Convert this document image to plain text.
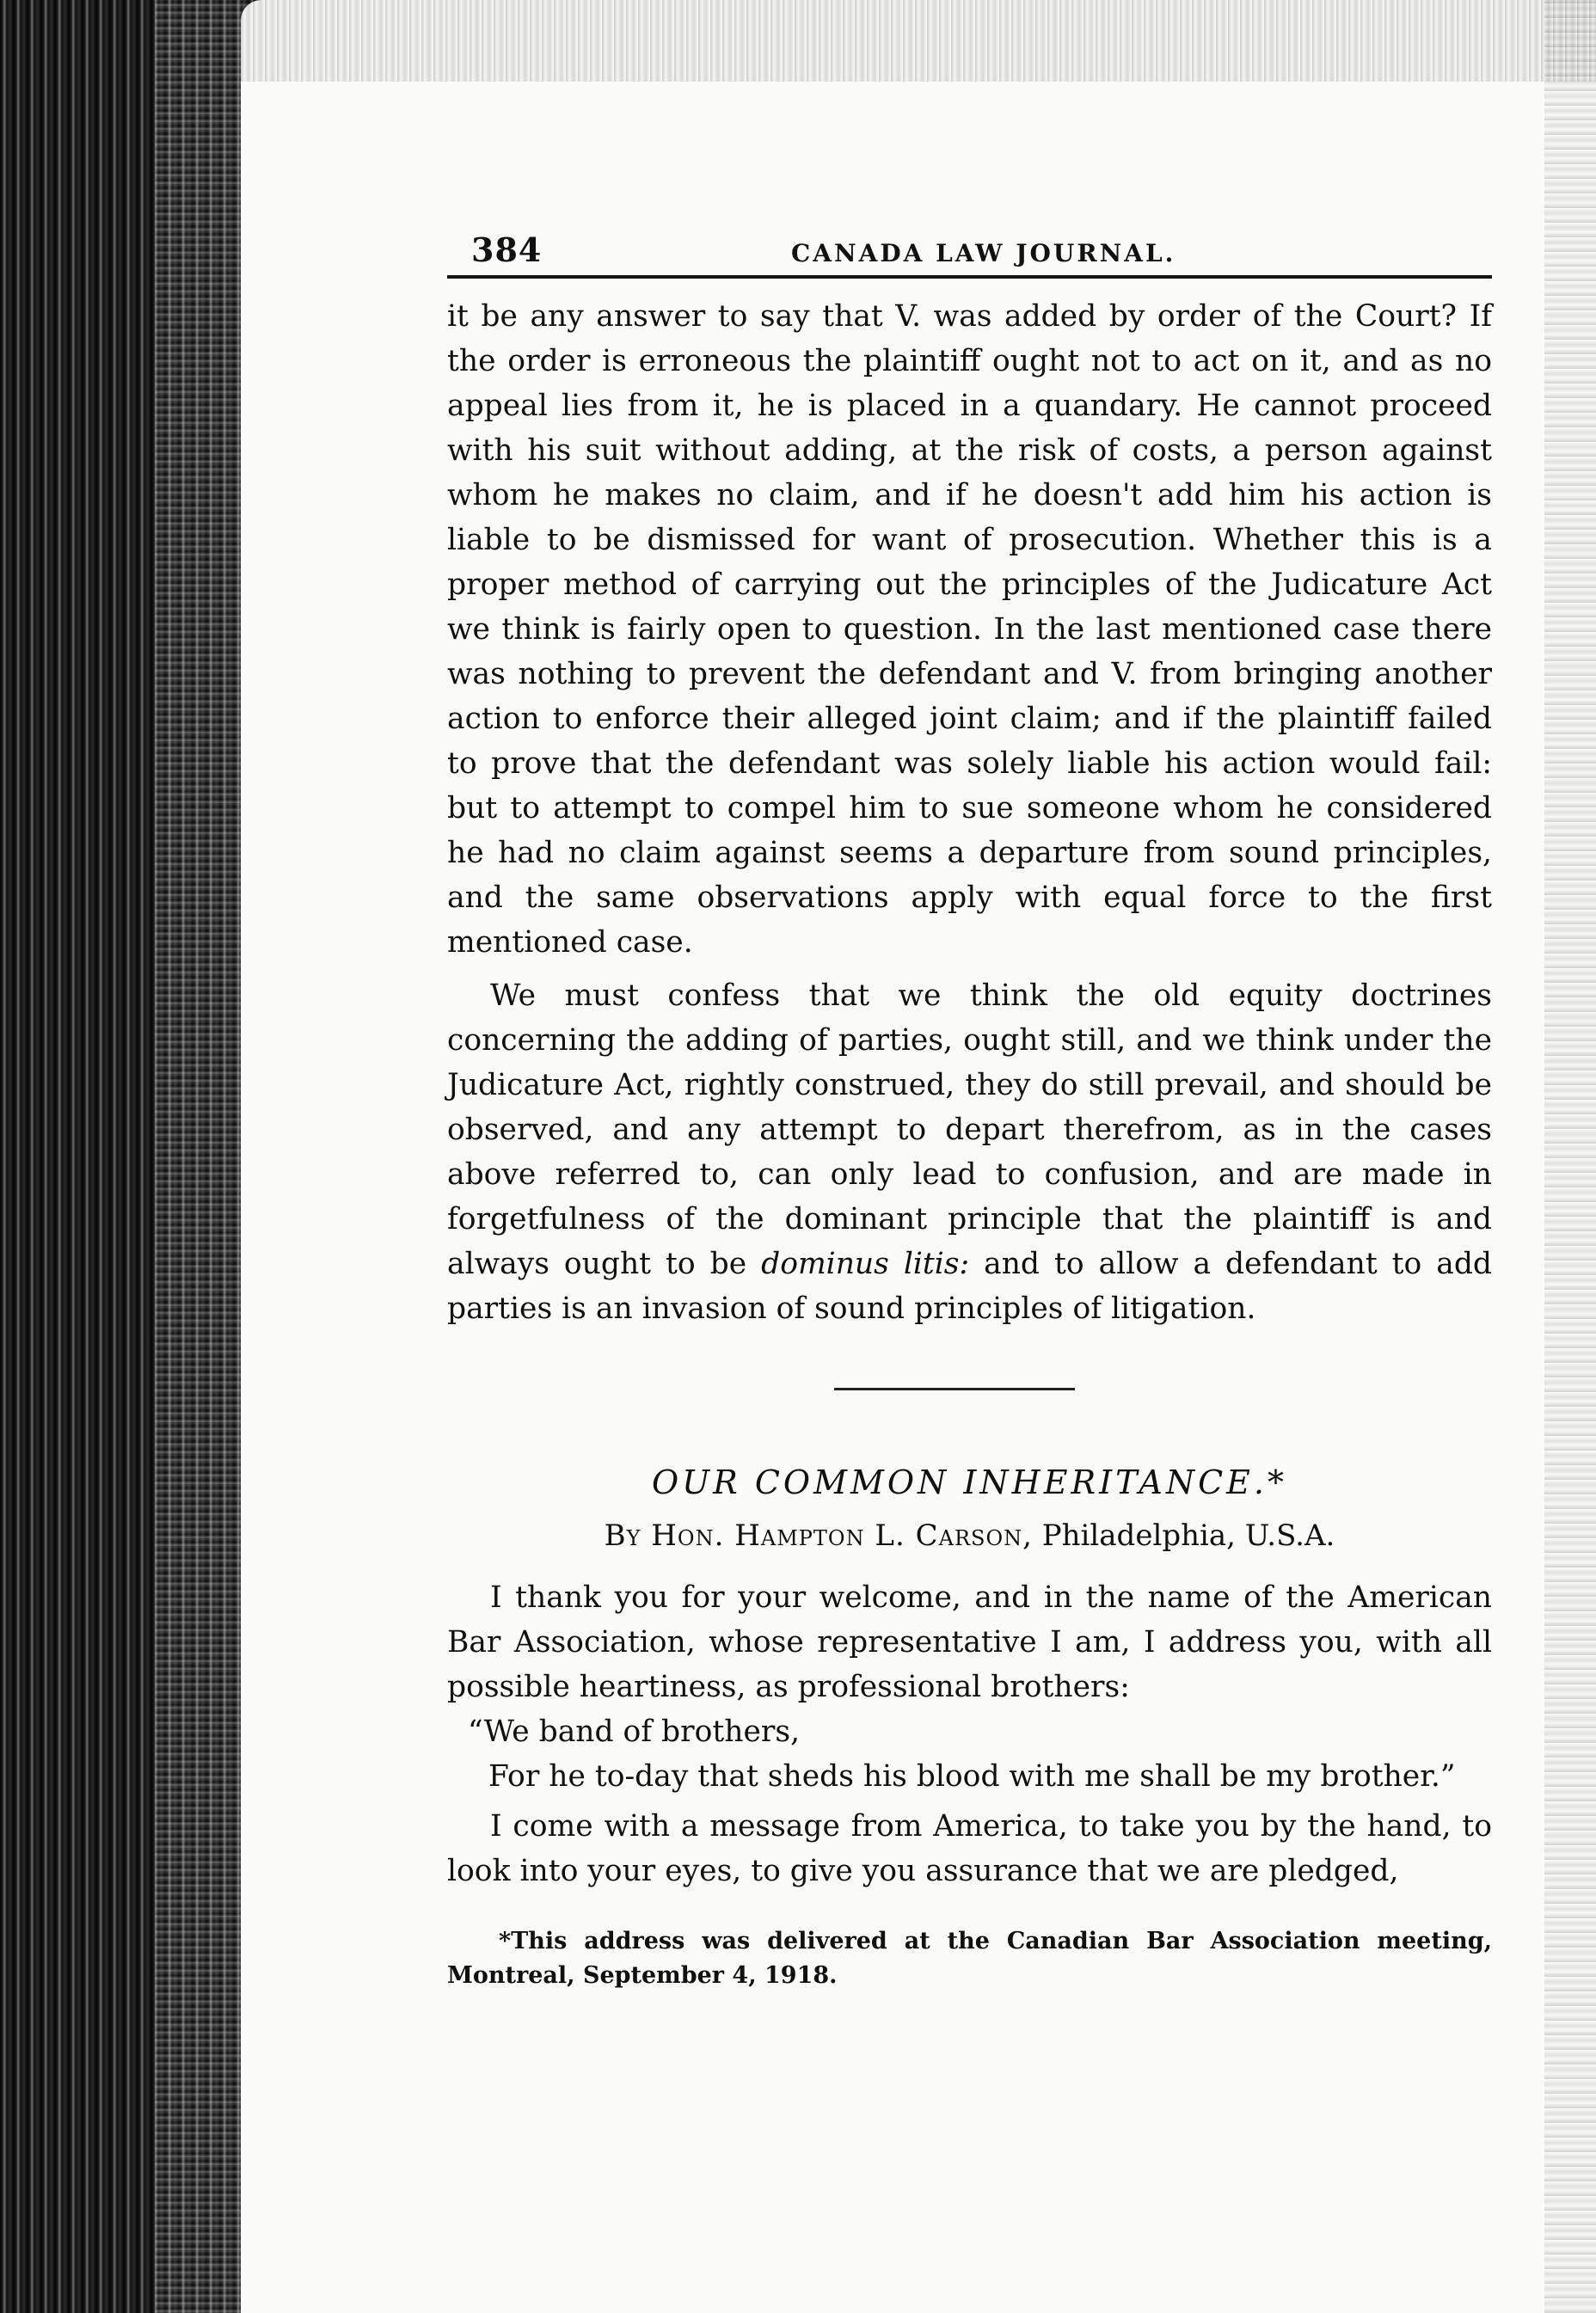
384	CANADA LAW JOURNAL.

it be any answer to say that V. was added by order of the Court? If the order is erroneous the plaintiff ought not to act on it, and as no appeal lies from it, he is placed in a quandary. He cannot proceed with his suit without adding, at the risk of costs, a person against whom he makes no claim, and if he doesn't add him his action is liable to be dismissed for want of prosecution. Whether this is a proper method of carrying out the principles of the Judicature Act we think is fairly open to question. In the last mentioned case there was nothing to prevent the defendant and V. from bringing another action to enforce their alleged joint claim; and if the plaintiff failed to prove that the defendant was solely liable his action would fail: but to attempt to compel him to sue someone whom he considered he had no claim against seems a departure from sound principles, and the same observations apply with equal force to the first mentioned case.

We must confess that we think the old equity doctrines concerning the adding of parties, ought still, and we think under the Judicature Act, rightly construed, they do still prevail, and should be observed, and any attempt to depart therefrom, as in the cases above referred to, can only lead to confusion, and are made in forgetfulness of the dominant principle that the plaintiff is and always ought to be dominus litis: and to allow a defendant to add parties is an invasion of sound principles of litigation.

OUR COMMON INHERITANCE.*
By Hon. Hampton L. Carson, Philadelphia, U.S.A.

I thank you for your welcome, and in the name of the American Bar Association, whose representative I am, I address you, with all possible heartiness, as professional brothers:

“We band of brothers,

For he to-day that sheds his blood with me shall be my brother.”

I come with a message from America, to take you by the hand, to look into your eyes, to give you assurance that we are pledged,

*This address was delivered at the Canadian Bar Association meeting, Montreal, September 4, 1918.
